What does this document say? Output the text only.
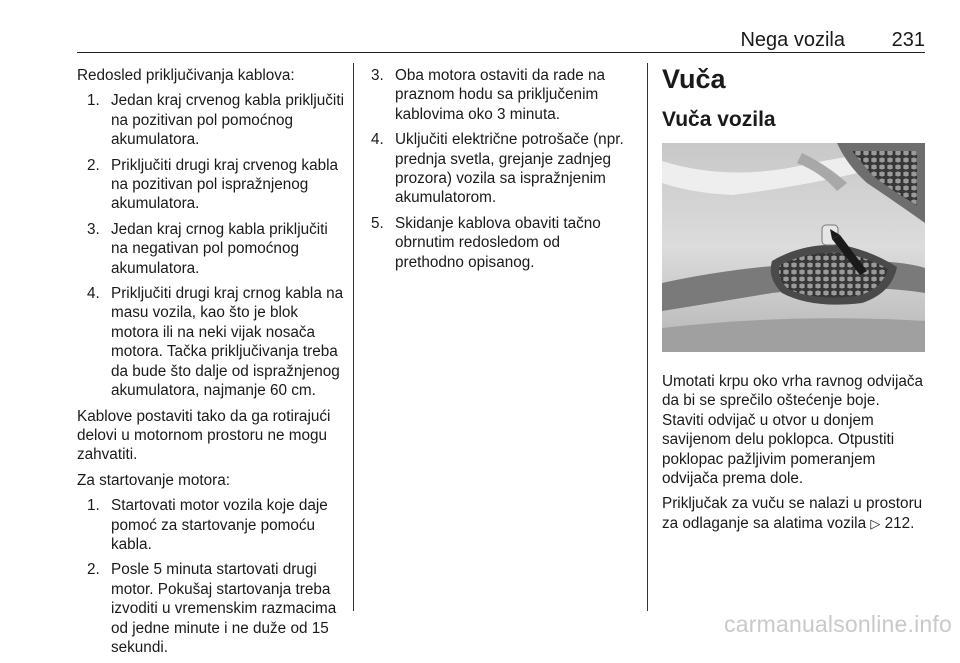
Nega vozila 231

Redosled priključivanja kablova:

1. Jedan kraj crvenog kabla priključiti na pozitivan pol pomoćnog akumulatora.
2. Priključiti drugi kraj crvenog kabla na pozitivan pol ispražnjenog akumulatora.
3. Jedan kraj crnog kabla priključiti na negativan pol pomoćnog akumulatora.
4. Priključiti drugi kraj crnog kabla na masu vozila, kao što je blok motora ili na neki vijak nosača motora. Tačka priključivanja treba da bude što dalje od ispražnjenog akumulatora, najmanje 60 cm.

Kablove postaviti tako da ga rotirajući delovi u motornom prostoru ne mogu zahvatiti.

Za startovanje motora:

1. Startovati motor vozila koje daje pomoć za startovanje pomoću kabla.
2. Posle 5 minuta startovati drugi motor. Pokušaj startovanja treba izvoditi u vremenskim razmacima od jedne minute i ne duže od 15 sekundi.
3. Oba motora ostaviti da rade na praznom hodu sa priključenim kablovima oko 3 minuta.
4. Uključiti električne potrošače (npr. prednja svetla, grejanje zadnjeg prozora) vozila sa ispražnjenim akumulatorom.
5. Skidanje kablova obaviti tačno obrnutim redosledom od prethodno opisanog.
Vuča
Vuča vozila

Umotati krpu oko vrha ravnog odvijača da bi se sprečilo oštećenje boje. Staviti odvijač u otvor u donjem savijenom delu poklopca. Otpustiti poklopac pažljivim pomeranjem odvijača prema dole.

Priključak za vuču se nalazi u prostoru za odlaganje sa alatima vozila ▷ 212.

carmanualsonline.info
